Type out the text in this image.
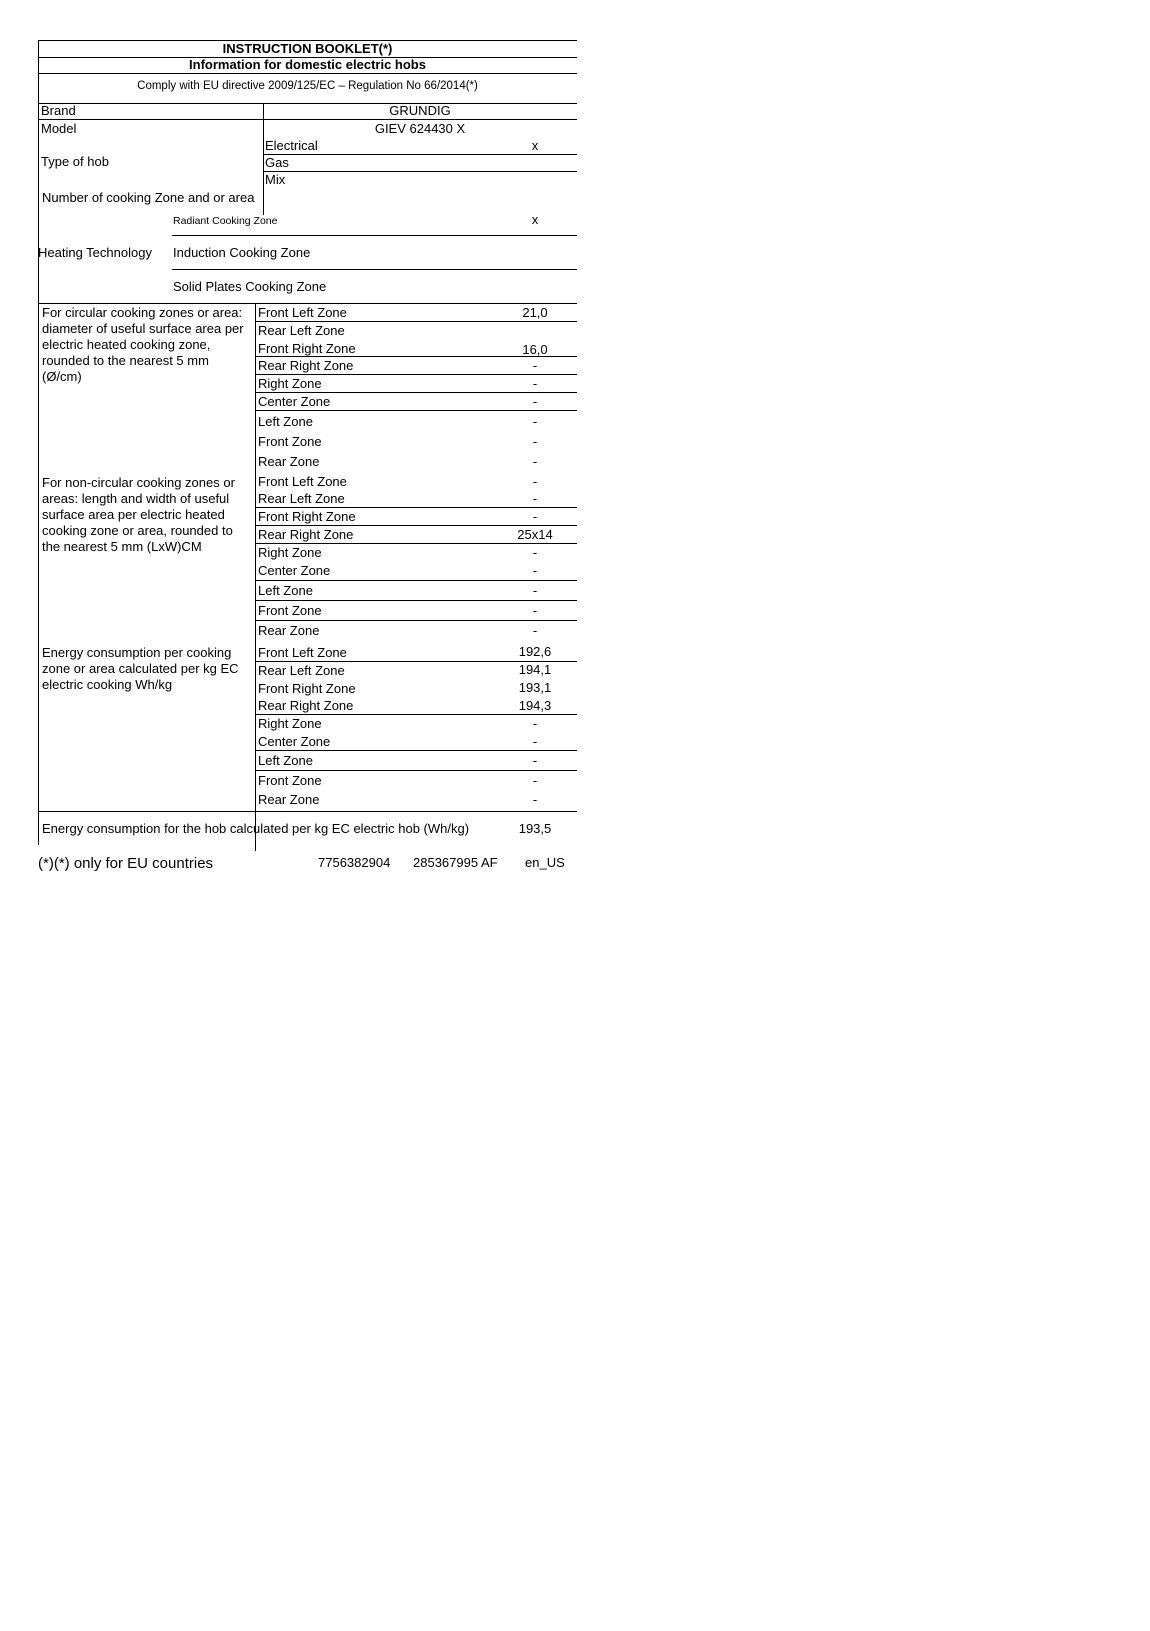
INSTRUCTION BOOKLET(*)
Information for domestic electric hobs
Comply with EU directive 2009/125/EC – Regulation No 66/2014(*)
Brand	GRUNDIG
Model	GIEV 624430 X
Type of hob
Electrical	x
Gas
Mix
Number of cooking Zone and or area
Heating Technology
Radiant Cooking Zone	x
Induction Cooking Zone
Solid Plates Cooking Zone
For circular cooking zones or area: diameter of useful surface area per electric heated cooking zone, rounded to the nearest 5 mm (Ø/cm)
Front Left Zone	21,0
Rear Left Zone
Front Right Zone	16,0
Rear Right Zone	-
Right Zone	-
Center Zone	-
Left Zone	-
Front Zone	-
Rear Zone	-
For non-circular cooking zones or areas: length and width of useful surface area per electric heated cooking zone or area, rounded to the nearest 5 mm (LxW)CM
Front Left Zone	-
Rear Left Zone	-
Front Right Zone	-
Rear Right Zone	25x14
Right Zone	-
Center Zone	-
Left Zone	-
Front Zone	-
Rear Zone	-
Energy consumption per cooking zone or area calculated per kg EC electric cooking Wh/kg
Front Left Zone	192,6
Rear Left Zone	194,1
Front Right Zone	193,1
Rear Right Zone	194,3
Right Zone	-
Center Zone	-
Left Zone	-
Front Zone	-
Rear Zone	-
Energy consumption for the hob calculated per kg EC electric hob (Wh/kg)	193,5
(*)(*) only for EU countries	7756382904 285367995 AF en_US
